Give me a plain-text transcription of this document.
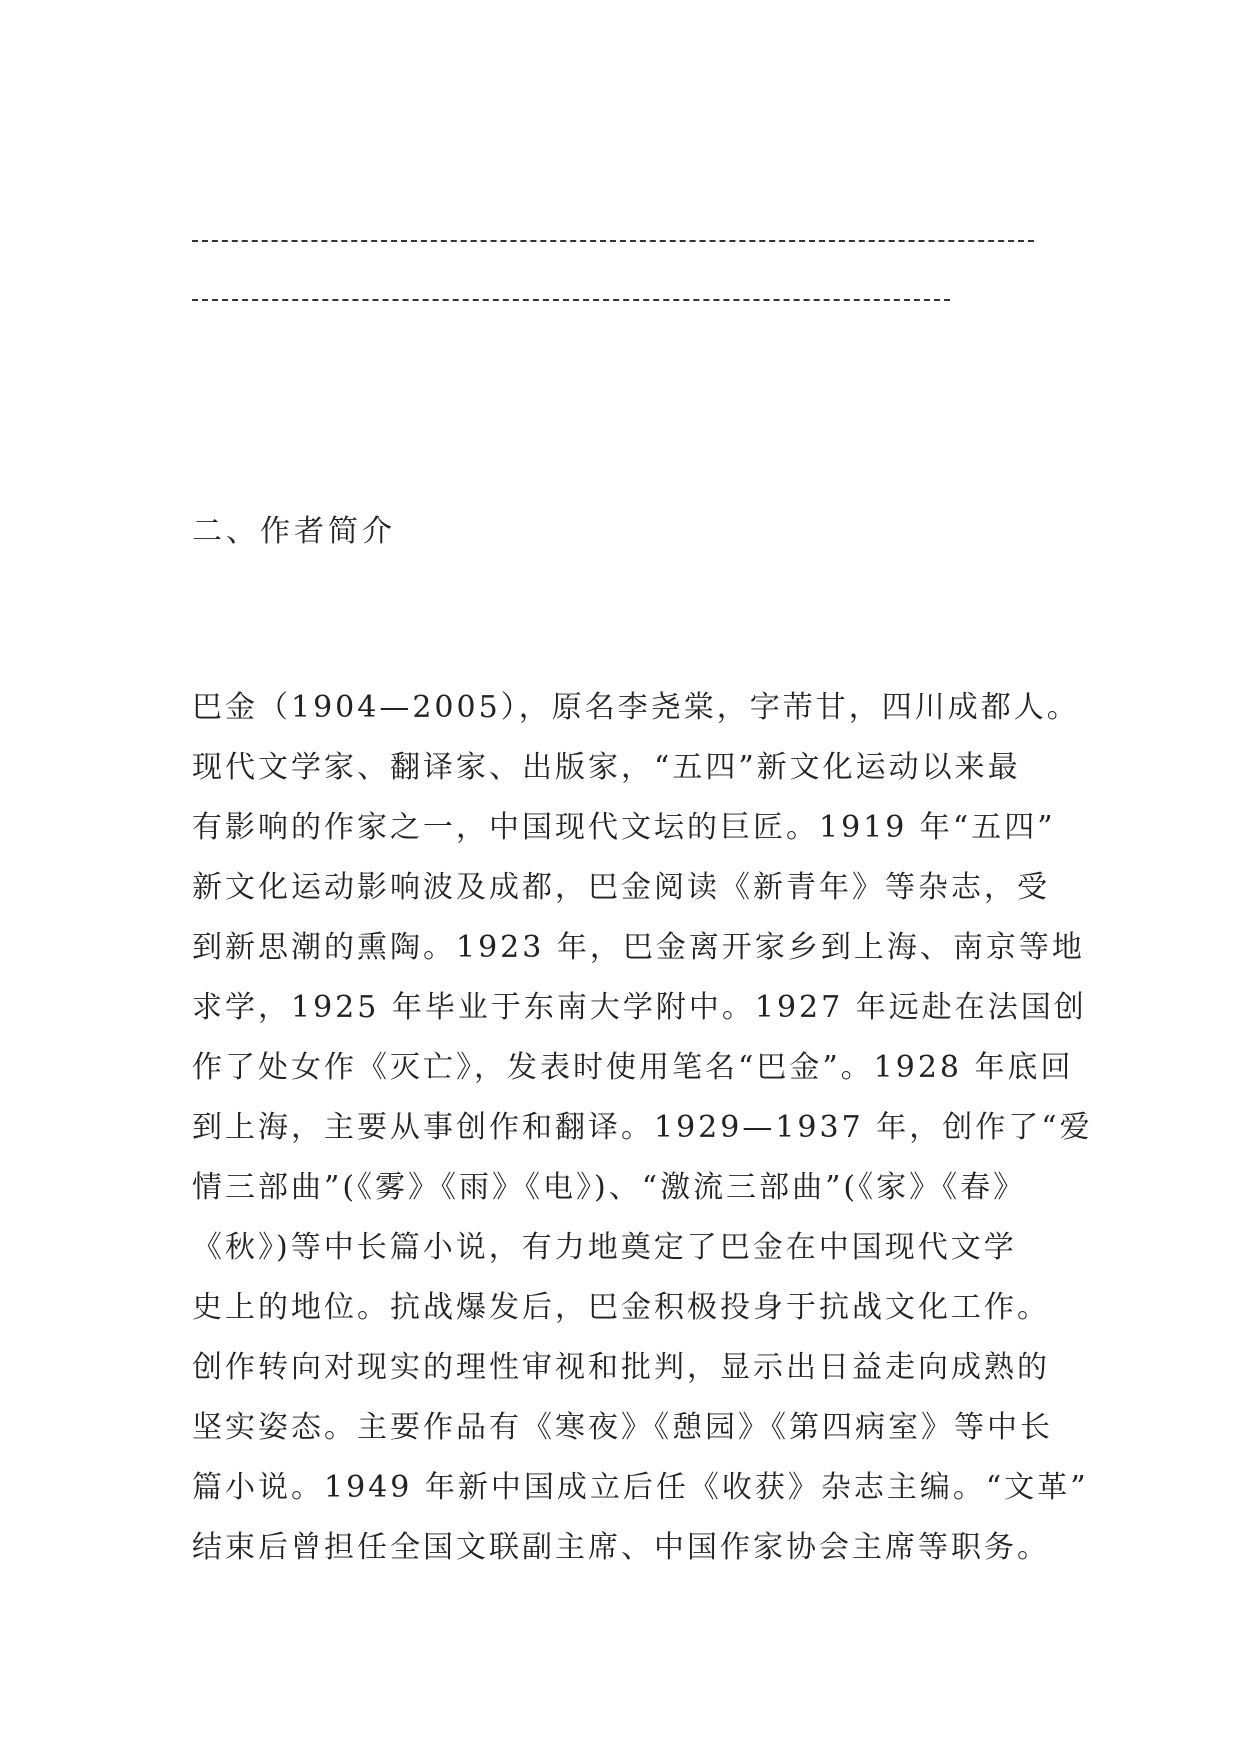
二、作者简介
巴金（1904—2005），原名李尧棠，字芾甘，四川成都人。
现代文学家、翻译家、出版家，“五四”新文化运动以来最
有影响的作家之一，中国现代文坛的巨匠。1919 年“五四”
新文化运动影响波及成都，巴金阅读《新青年》等杂志，受
到新思潮的熏陶。1923 年，巴金离开家乡到上海、南京等地
求学，1925 年毕业于东南大学附中。1927 年远赴在法国创
作了处女作《灭亡》，发表时使用笔名“巴金”。1928 年底回
到上海，主要从事创作和翻译。1929—1937 年，创作了“爱
情三部曲”(《雾》《雨》《电》)、“激流三部曲”(《家》《春》
《秋》)等中长篇小说，有力地奠定了巴金在中国现代文学
史上的地位。抗战爆发后，巴金积极投身于抗战文化工作。
创作转向对现实的理性审视和批判，显示出日益走向成熟的
坚实姿态。主要作品有《寒夜》《憩园》《第四病室》等中长
篇小说。1949 年新中国成立后任《收获》杂志主编。“文革”
结束后曾担任全国文联副主席、中国作家协会主席等职务。
